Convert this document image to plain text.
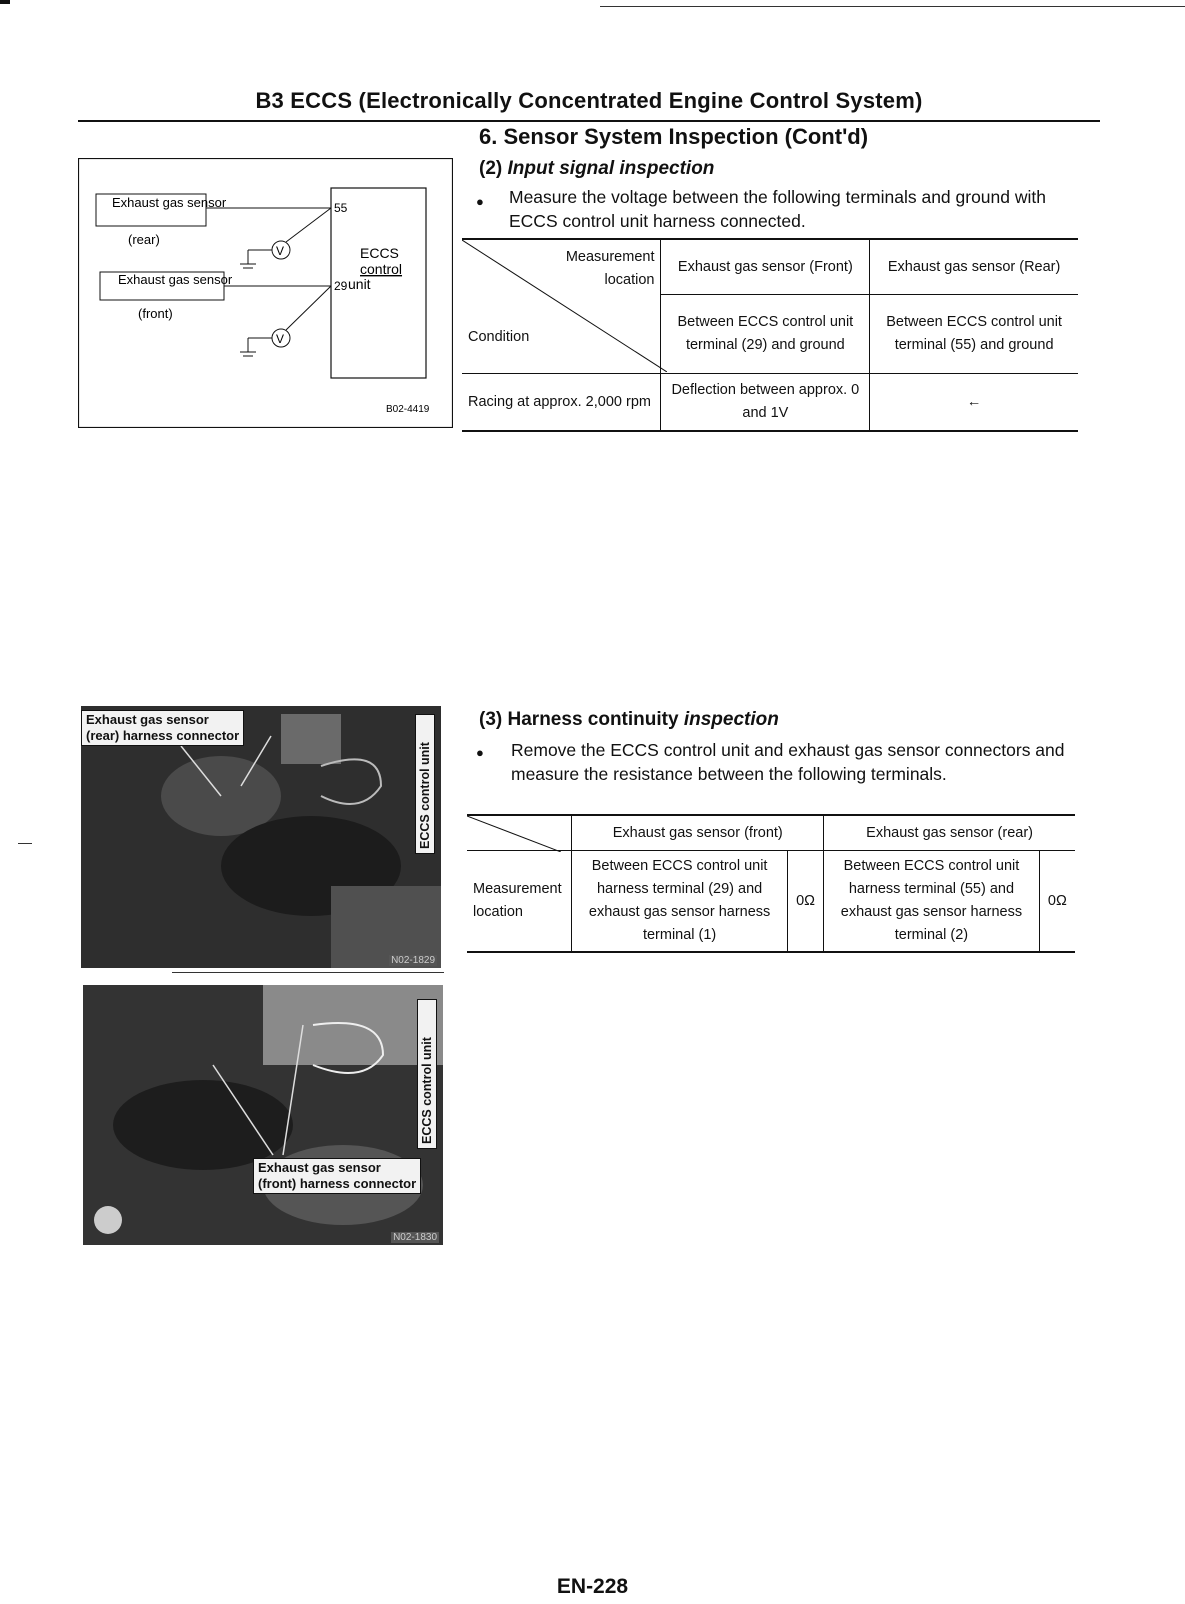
B3 ECCS (Electronically Concentrated Engine Control System)
6. Sensor System Inspection (Cont'd)
(2) Input signal inspection
● Measure the voltage between the following terminals and ground with ECCS control unit harness connected.
ECCS
control
unit
Exhaust gas sensor
(rear)
55
V
Exhaust gas sensor
(front)
29
V
B02-4419
Measurement
location
Condition	Exhaust gas sensor (Front)	Exhaust gas sensor (Rear)
	Between ECCS control unit terminal (29) and ground	Between ECCS control unit terminal (55) and ground
Racing at approx. 2,000 rpm	Deflection between approx. 0 and 1V	←
(3) Harness continuity inspection
● Remove the ECCS control unit and exhaust gas sensor connectors and measure the resistance between the following terminals.
	Exhaust gas sensor (front)		Exhaust gas sensor (rear)	
Measurement location	Between ECCS control unit harness terminal (29) and exhaust gas sensor harness terminal (1)	0Ω	Between ECCS control unit harness terminal (55) and exhaust gas sensor harness terminal (2)	0Ω
Exhaust gas sensor
(rear) harness connector
ECCS control unit
N02-1829
ECCS control unit
Exhaust gas sensor
(front) harness connector
N02-1830
EN-228
